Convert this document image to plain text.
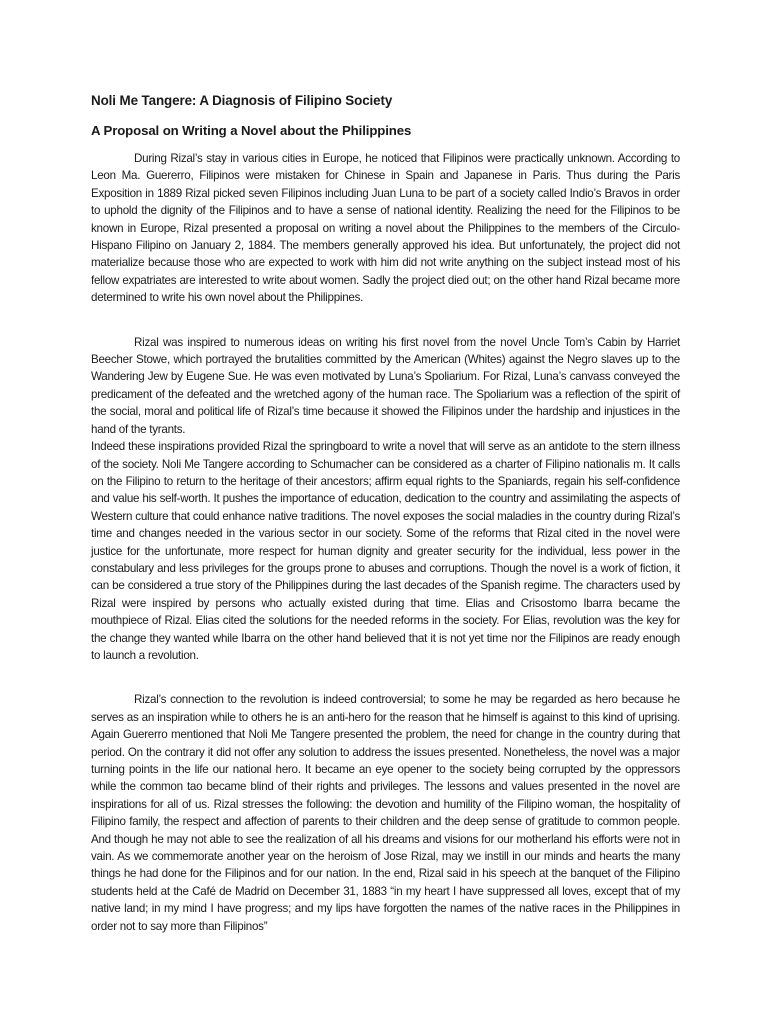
Noli Me Tangere: A Diagnosis of Filipino Society
A Proposal on Writing a Novel about the Philippines

During Rizal’s stay in various cities in Europe, he noticed that Filipinos were practically unknown. According to Leon Ma. Guererro, Filipinos were mistaken for Chinese in Spain and Japanese in Paris. Thus during the Paris Exposition in 1889 Rizal picked seven Filipinos including Juan Luna to be part of a society called Indio’s Bravos in order to uphold the dignity of the Filipinos and to have a sense of national identity. Realizing the need for the Filipinos to be known in Europe, Rizal presented a proposal on writing a novel about the Philippines to the members of the Circulo-Hispano Filipino on January 2, 1884. The members generally approved his idea. But unfortunately, the project did not materialize because those who are expected to work with him did not write anything on the subject instead most of his fellow expatriates are interested to write about women. Sadly the project died out; on the other hand Rizal became more determined to write his own novel about the Philippines.

Rizal was inspired to numerous ideas on writing his first novel from the novel Uncle Tom’s Cabin by Harriet Beecher Stowe, which portrayed the brutalities committed by the American (Whites) against the Negro slaves up to the Wandering Jew by Eugene Sue. He was even motivated by Luna’s Spoliarium. For Rizal, Luna’s canvass conveyed the predicament of the defeated and the wretched agony of the human race. The Spoliarium was a reflection of the spirit of the social, moral and political life of Rizal’s time because it showed the Filipinos under the hardship and injustices in the hand of the tyrants.

Indeed these inspirations provided Rizal the springboard to write a novel that will serve as an antidote to the stern illness of the society. Noli Me Tangere according to Schumacher can be considered as a charter of Filipino nationalis m. It calls on the Filipino to return to the heritage of their ancestors; affirm equal rights to the Spaniards, regain his self-confidence and value his self-worth. It pushes the importance of education, dedication to the country and assimilating the aspects of Western culture that could enhance native traditions. The novel exposes the social maladies in the country during Rizal’s time and changes needed in the various sector in our society. Some of the reforms that Rizal cited in the novel were justice for the unfortunate, more respect for human dignity and greater security for the individual, less power in the constabulary and less privileges for the groups prone to abuses and corruptions. Though the novel is a work of fiction, it can be considered a true story of the Philippines during the last decades of the Spanish regime. The characters used by Rizal were inspired by persons who actually existed during that time. Elias and Crisostomo Ibarra became the mouthpiece of Rizal. Elias cited the solutions for the needed reforms in the society. For Elias, revolution was the key for the change they wanted while Ibarra on the other hand believed that it is not yet time nor the Filipinos are ready enough to launch a revolution.

Rizal’s connection to the revolution is indeed controversial; to some he may be regarded as hero because he serves as an inspiration while to others he is an anti-hero for the reason that he himself is against to this kind of uprising. Again Guererro mentioned that Noli Me Tangere presented the problem, the need for change in the country during that period. On the contrary it did not offer any solution to address the issues presented. Nonetheless, the novel was a major turning points in the life our national hero. It became an eye opener to the society being corrupted by the oppressors while the common tao became blind of their rights and privileges. The lessons and values presented in the novel are inspirations for all of us. Rizal stresses the following: the devotion and humility of the Filipino woman, the hospitality of Filipino family, the respect and affection of parents to their children and the deep sense of gratitude to common people. And though he may not able to see the realization of all his dreams and visions for our motherland his efforts were not in vain. As we commemorate another year on the heroism of Jose Rizal, may we instill in our minds and hearts the many things he had done for the Filipinos and for our nation. In the end, Rizal said in his speech at the banquet of the Filipino students held at the Café de Madrid on December 31, 1883 “in my heart I have suppressed all loves, except that of my native land; in my mind I have progress; and my lips have forgotten the names of the native races in the Philippines in order not to say more than Filipinos”
